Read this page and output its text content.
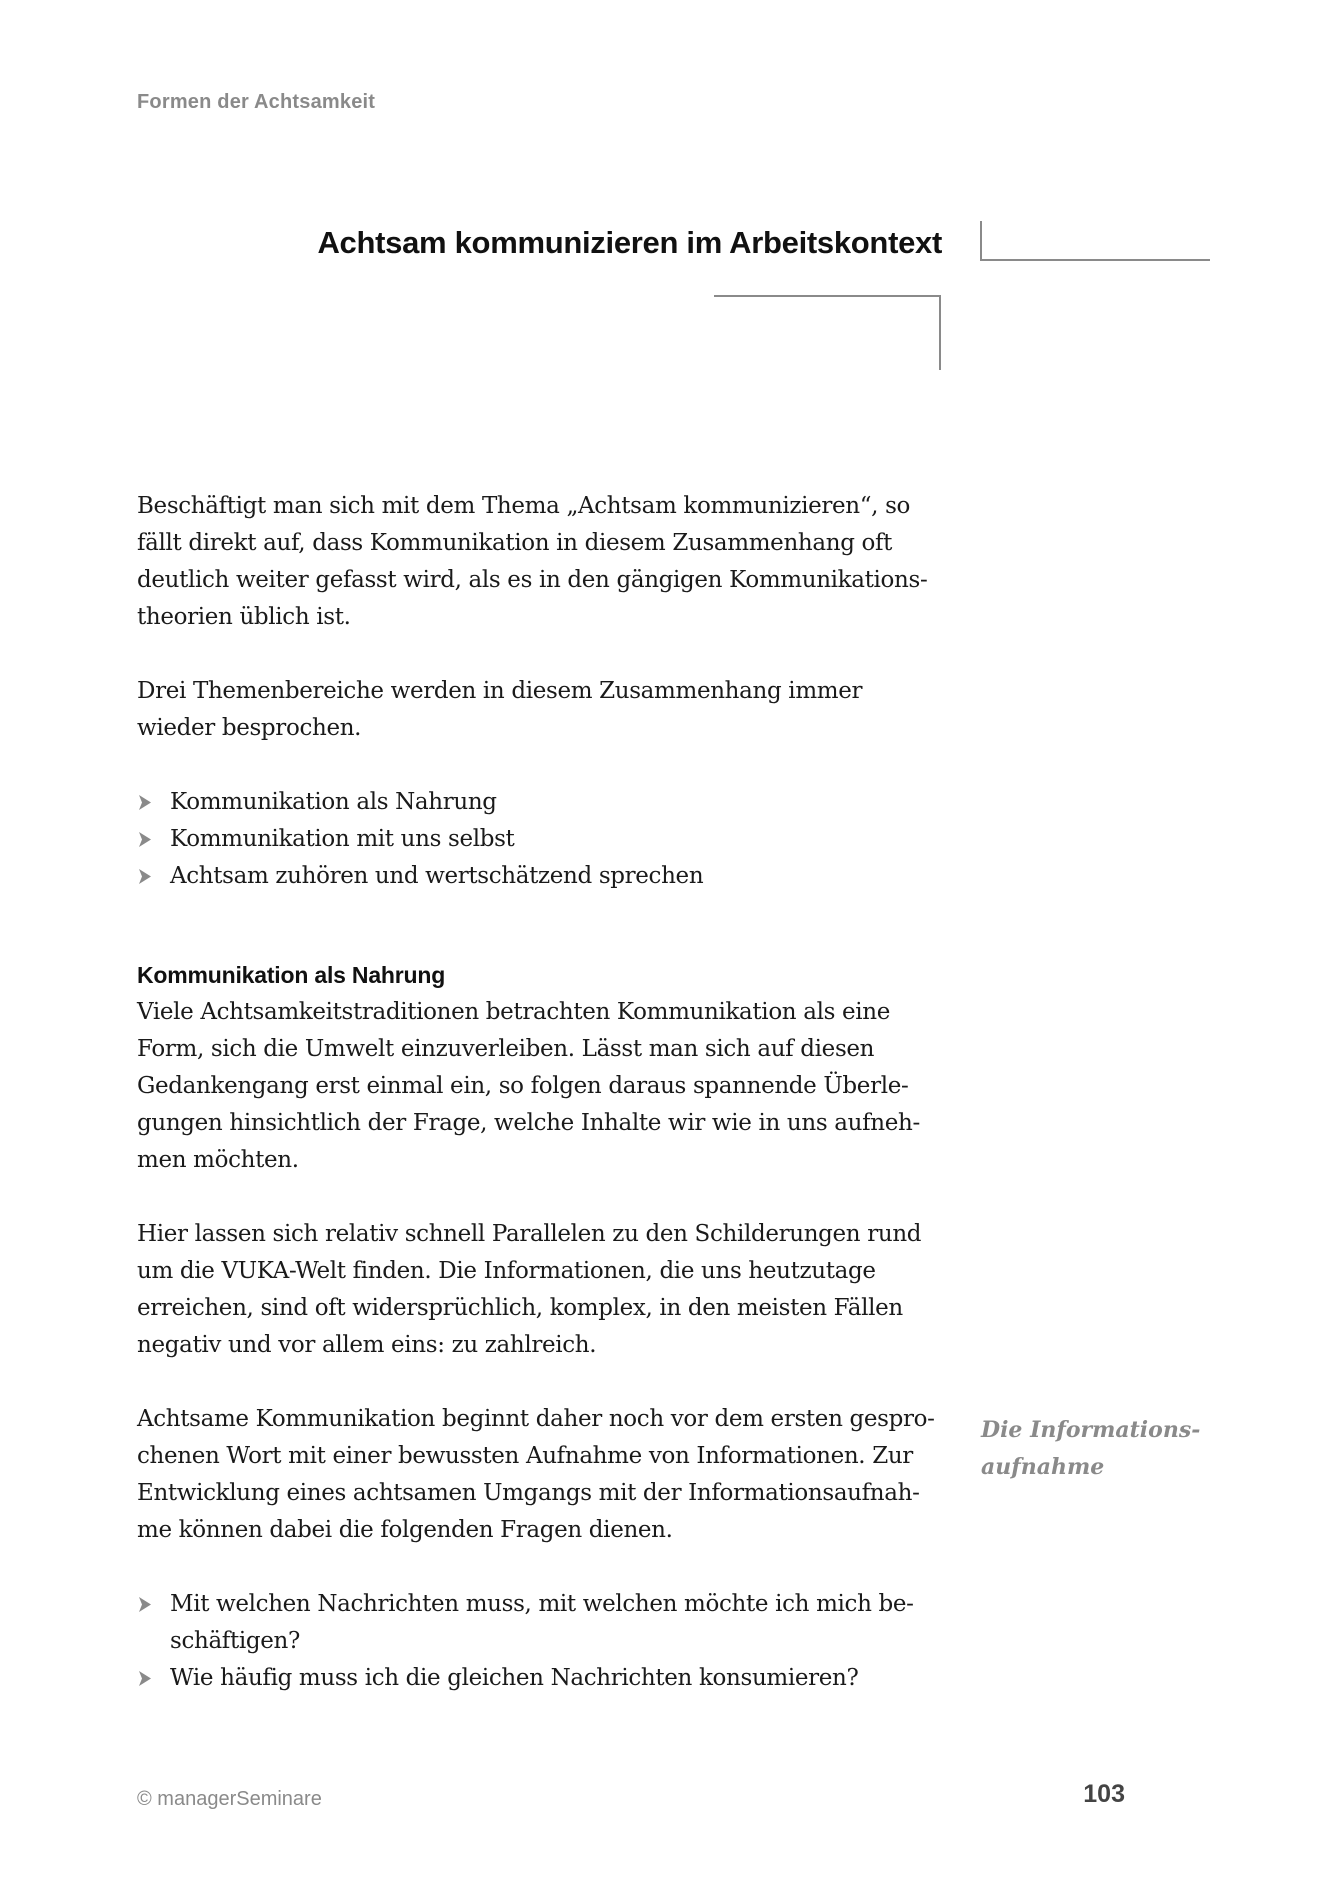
Formen der Achtsamkeit
Achtsam kommunizieren im Arbeitskontext

Beschäftigt man sich mit dem Thema „Achtsam kommunizieren“, so fällt direkt auf, dass Kommunikation in diesem Zusammenhang oft deutlich weiter gefasst wird, als es in den gängigen Kommunikationstheorien üblich ist.

Drei Themenbereiche werden in diesem Zusammenhang immer wieder besprochen.

Kommunikation als Nahrung
Kommunikation mit uns selbst
Achtsam zuhören und wertschätzend sprechen
Kommunikation als Nahrung

Viele Achtsamkeitstraditionen betrachten Kommunikation als eine Form, sich die Umwelt einzuverleiben. Lässt man sich auf diesen Gedankengang erst einmal ein, so folgen daraus spannende Überlegungen hinsichtlich der Frage, welche Inhalte wir wie in uns aufnehmen möchten.

Hier lassen sich relativ schnell Parallelen zu den Schilderungen rund um die VUKA-Welt finden. Die Informationen, die uns heutzutage erreichen, sind oft widersprüchlich, komplex, in den meisten Fällen negativ und vor allem eins: zu zahlreich.

Achtsame Kommunikation beginnt daher noch vor dem ersten gesprochenen Wort mit einer bewussten Aufnahme von Informationen. Zur Entwicklung eines achtsamen Umgangs mit der Informationsaufnahme können dabei die folgenden Fragen dienen.

Mit welchen Nachrichten muss, mit welchen möchte ich mich beschäftigen?
Wie häufig muss ich die gleichen Nachrichten konsumieren?
Die Informationsaufnahme
© managerSeminare	103
